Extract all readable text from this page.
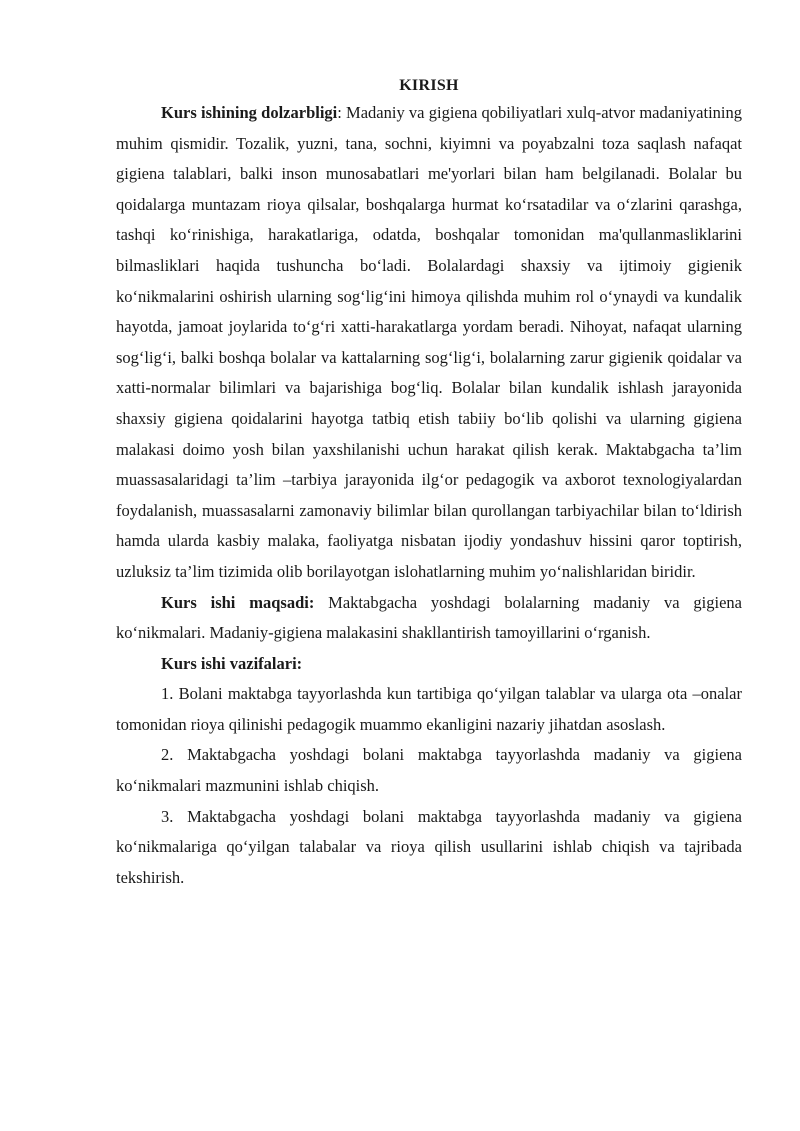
KIRISH

Kurs ishining dolzarbligi: Madaniy va gigiena qobiliyatlari xulq-atvor madaniyatining muhim qismidir. Tozalik, yuzni, tana, sochni, kiyimni va poyabzalni toza saqlash nafaqat gigiena talablari, balki inson munosabatlari me'yorlari bilan ham belgilanadi. Bolalar bu qoidalarga muntazam rioya qilsalar, boshqalarga hurmat ko‘rsatadilar va o‘zlarini qarashga, tashqi ko‘rinishiga, harakatlariga, odatda, boshqalar tomonidan ma'qullanmasliklarini bilmasliklari haqida tushuncha bo‘ladi. Bolalardagi shaxsiy va ijtimoiy gigienik ko‘nikmalarini oshirish ularning sog‘lig‘ini himoya qilishda muhim rol o‘ynaydi va kundalik hayotda, jamoat joylarida to‘g‘ri xatti-harakatlarga yordam beradi. Nihoyat, nafaqat ularning sog‘lig‘i, balki boshqa bolalar va kattalarning sog‘lig‘i, bolalarning zarur gigienik qoidalar va xatti-normalar bilimlari va bajarishiga bog‘liq. Bolalar bilan kundalik ishlash jarayonida shaxsiy gigiena qoidalarini hayotga tatbiq etish tabiiy bo‘lib qolishi va ularning gigiena malakasi doimo yosh bilan yaxshilanishi uchun harakat qilish kerak. Maktabgacha ta’lim muassasalaridagi ta’lim –tarbiya jarayonida ilg‘or pedagogik va axborot texnologiyalardan foydalanish, muassasalarni zamonaviy bilimlar bilan qurollangan tarbiyachilar bilan to‘ldirish hamda ularda kasbiy malaka, faoliyatga nisbatan ijodiy yondashuv hissini qaror toptirish, uzluksiz ta’lim tizimida olib borilayotgan islohatlarning muhim yo‘nalishlaridan biridir.

Kurs ishi maqsadi: Maktabgacha yoshdagi bolalarning madaniy va gigiena ko‘nikmalari. Madaniy-gigiena malakasini shakllantirish tamoyillarini o‘rganish.

Kurs ishi vazifalari:

1. Bolani maktabga tayyorlashda kun tartibiga qo‘yilgan talablar va ularga ota –onalar tomonidan rioya qilinishi pedagogik muammo ekanligini nazariy jihatdan asoslash.

2. Maktabgacha yoshdagi bolani maktabga tayyorlashda madaniy va gigiena ko‘nikmalari mazmunini ishlab chiqish.

3. Maktabgacha yoshdagi bolani maktabga tayyorlashda madaniy va gigiena ko‘nikmalariga qo‘yilgan talabalar va rioya qilish usullarini ishlab chiqish va tajribada tekshirish.
